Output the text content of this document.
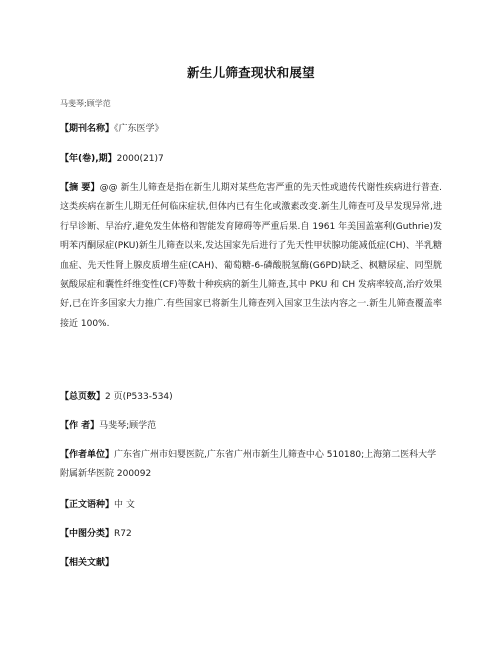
新生儿筛查现状和展望
马斐琴;顾学范
【期刊名称】《广东医学》
【年(卷),期】2000(21)7
【摘 要】@@ 新生儿筛查是指在新生儿期对某些危害严重的先天性或遗传代谢性疾病进行普查.这类疾病在新生儿期无任何临床症状,但体内已有生化或激素改变.新生儿筛查可及早发现异常,进行早诊断、早治疗,避免发生体格和智能发育障碍等严重后果.自 1961 年美国盖塞利(Guthrie)发明苯丙酮尿症(PKU)新生儿筛查以来,发达国家先后进行了先天性甲状腺功能减低症(CH)、半乳糖血症、先天性肾上腺皮质增生症(CAH)、葡萄糖-6-磷酸脱氢酶(G6PD)缺乏、枫糖尿症、同型胱氨酸尿症和囊性纤维变性(CF)等数十种疾病的新生儿筛查,其中 PKU 和 CH 发病率较高,治疗效果好,已在许多国家大力推广.有些国家已将新生儿筛查列入国家卫生法内容之一.新生儿筛查覆盖率接近 100%.
【总页数】2 页(P533-534)
【作 者】马斐琴;顾学范
【作者单位】广东省广州市妇婴医院,广东省广州市新生儿筛查中心 510180;上海第二医科大学附属新华医院 200092
【正文语种】中 文
【中图分类】R72
【相关文献】
